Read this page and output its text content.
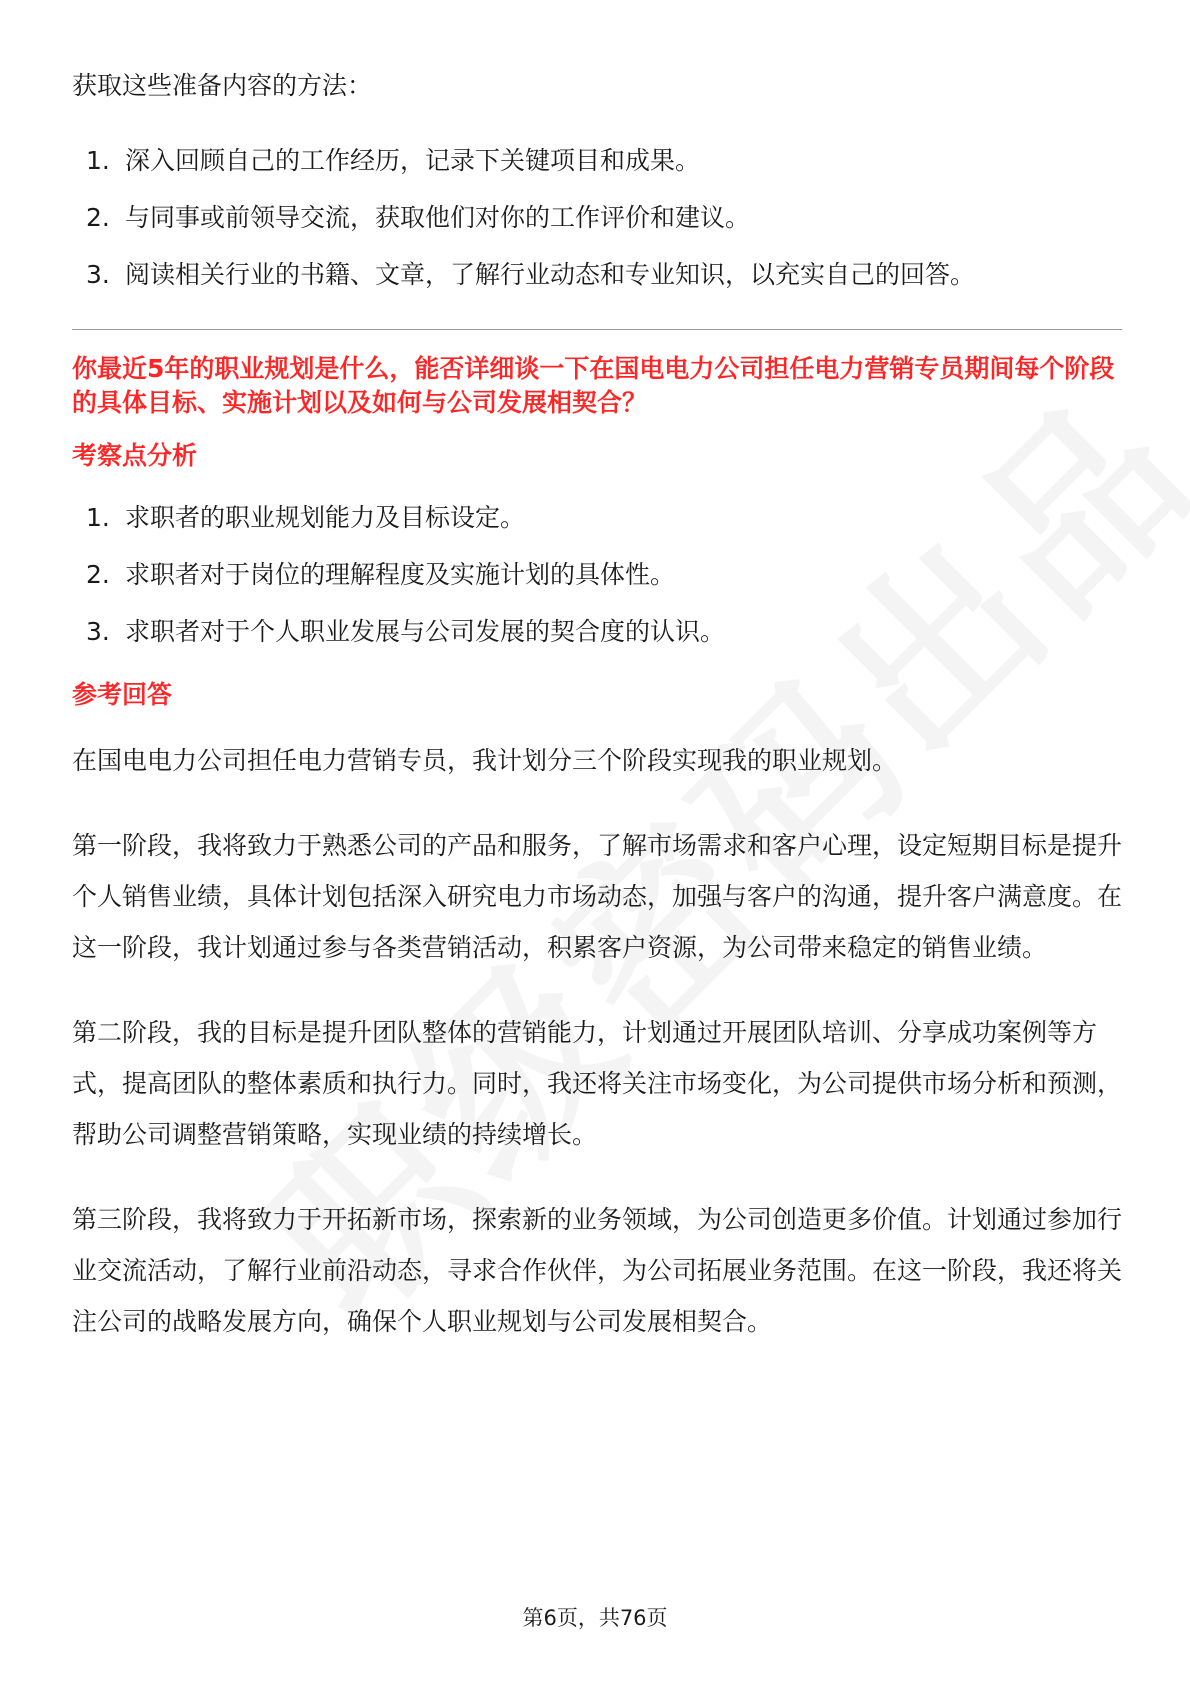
获取这些准备内容的方法：

1. 深入回顾自己的工作经历，记录下关键项目和成果。
2. 与同事或前领导交流，获取他们对你的工作评价和建议。
3. 阅读相关行业的书籍、文章，了解行业动态和专业知识，以充实自己的回答。
你最近5年的职业规划是什么，能否详细谈一下在国电电力公司担任电力营销专员期间每个阶段的具体目标、实施计划以及如何与公司发展相契合？
考察点分析
1. 求职者的职业规划能力及目标设定。
2. 求职者对于岗位的理解程度及实施计划的具体性。
3. 求职者对于个人职业发展与公司发展的契合度的认识。
参考回答

在国电电力公司担任电力营销专员，我计划分三个阶段实现我的职业规划。

第一阶段，我将致力于熟悉公司的产品和服务，了解市场需求和客户心理，设定短期目标是提升个人销售业绩，具体计划包括深入研究电力市场动态，加强与客户的沟通，提升客户满意度。在这一阶段，我计划通过参与各类营销活动，积累客户资源，为公司带来稳定的销售业绩。

第二阶段，我的目标是提升团队整体的营销能力，计划通过开展团队培训、分享成功案例等方式，提高团队的整体素质和执行力。同时，我还将关注市场变化，为公司提供市场分析和预测，帮助公司调整营销策略，实现业绩的持续增长。

第三阶段，我将致力于开拓新市场，探索新的业务领域，为公司创造更多价值。计划通过参加行业交流活动，了解行业前沿动态，寻求合作伙伴，为公司拓展业务范围。在这一阶段，我还将关注公司的战略发展方向，确保个人职业规划与公司发展相契合。

第6页，共76页
